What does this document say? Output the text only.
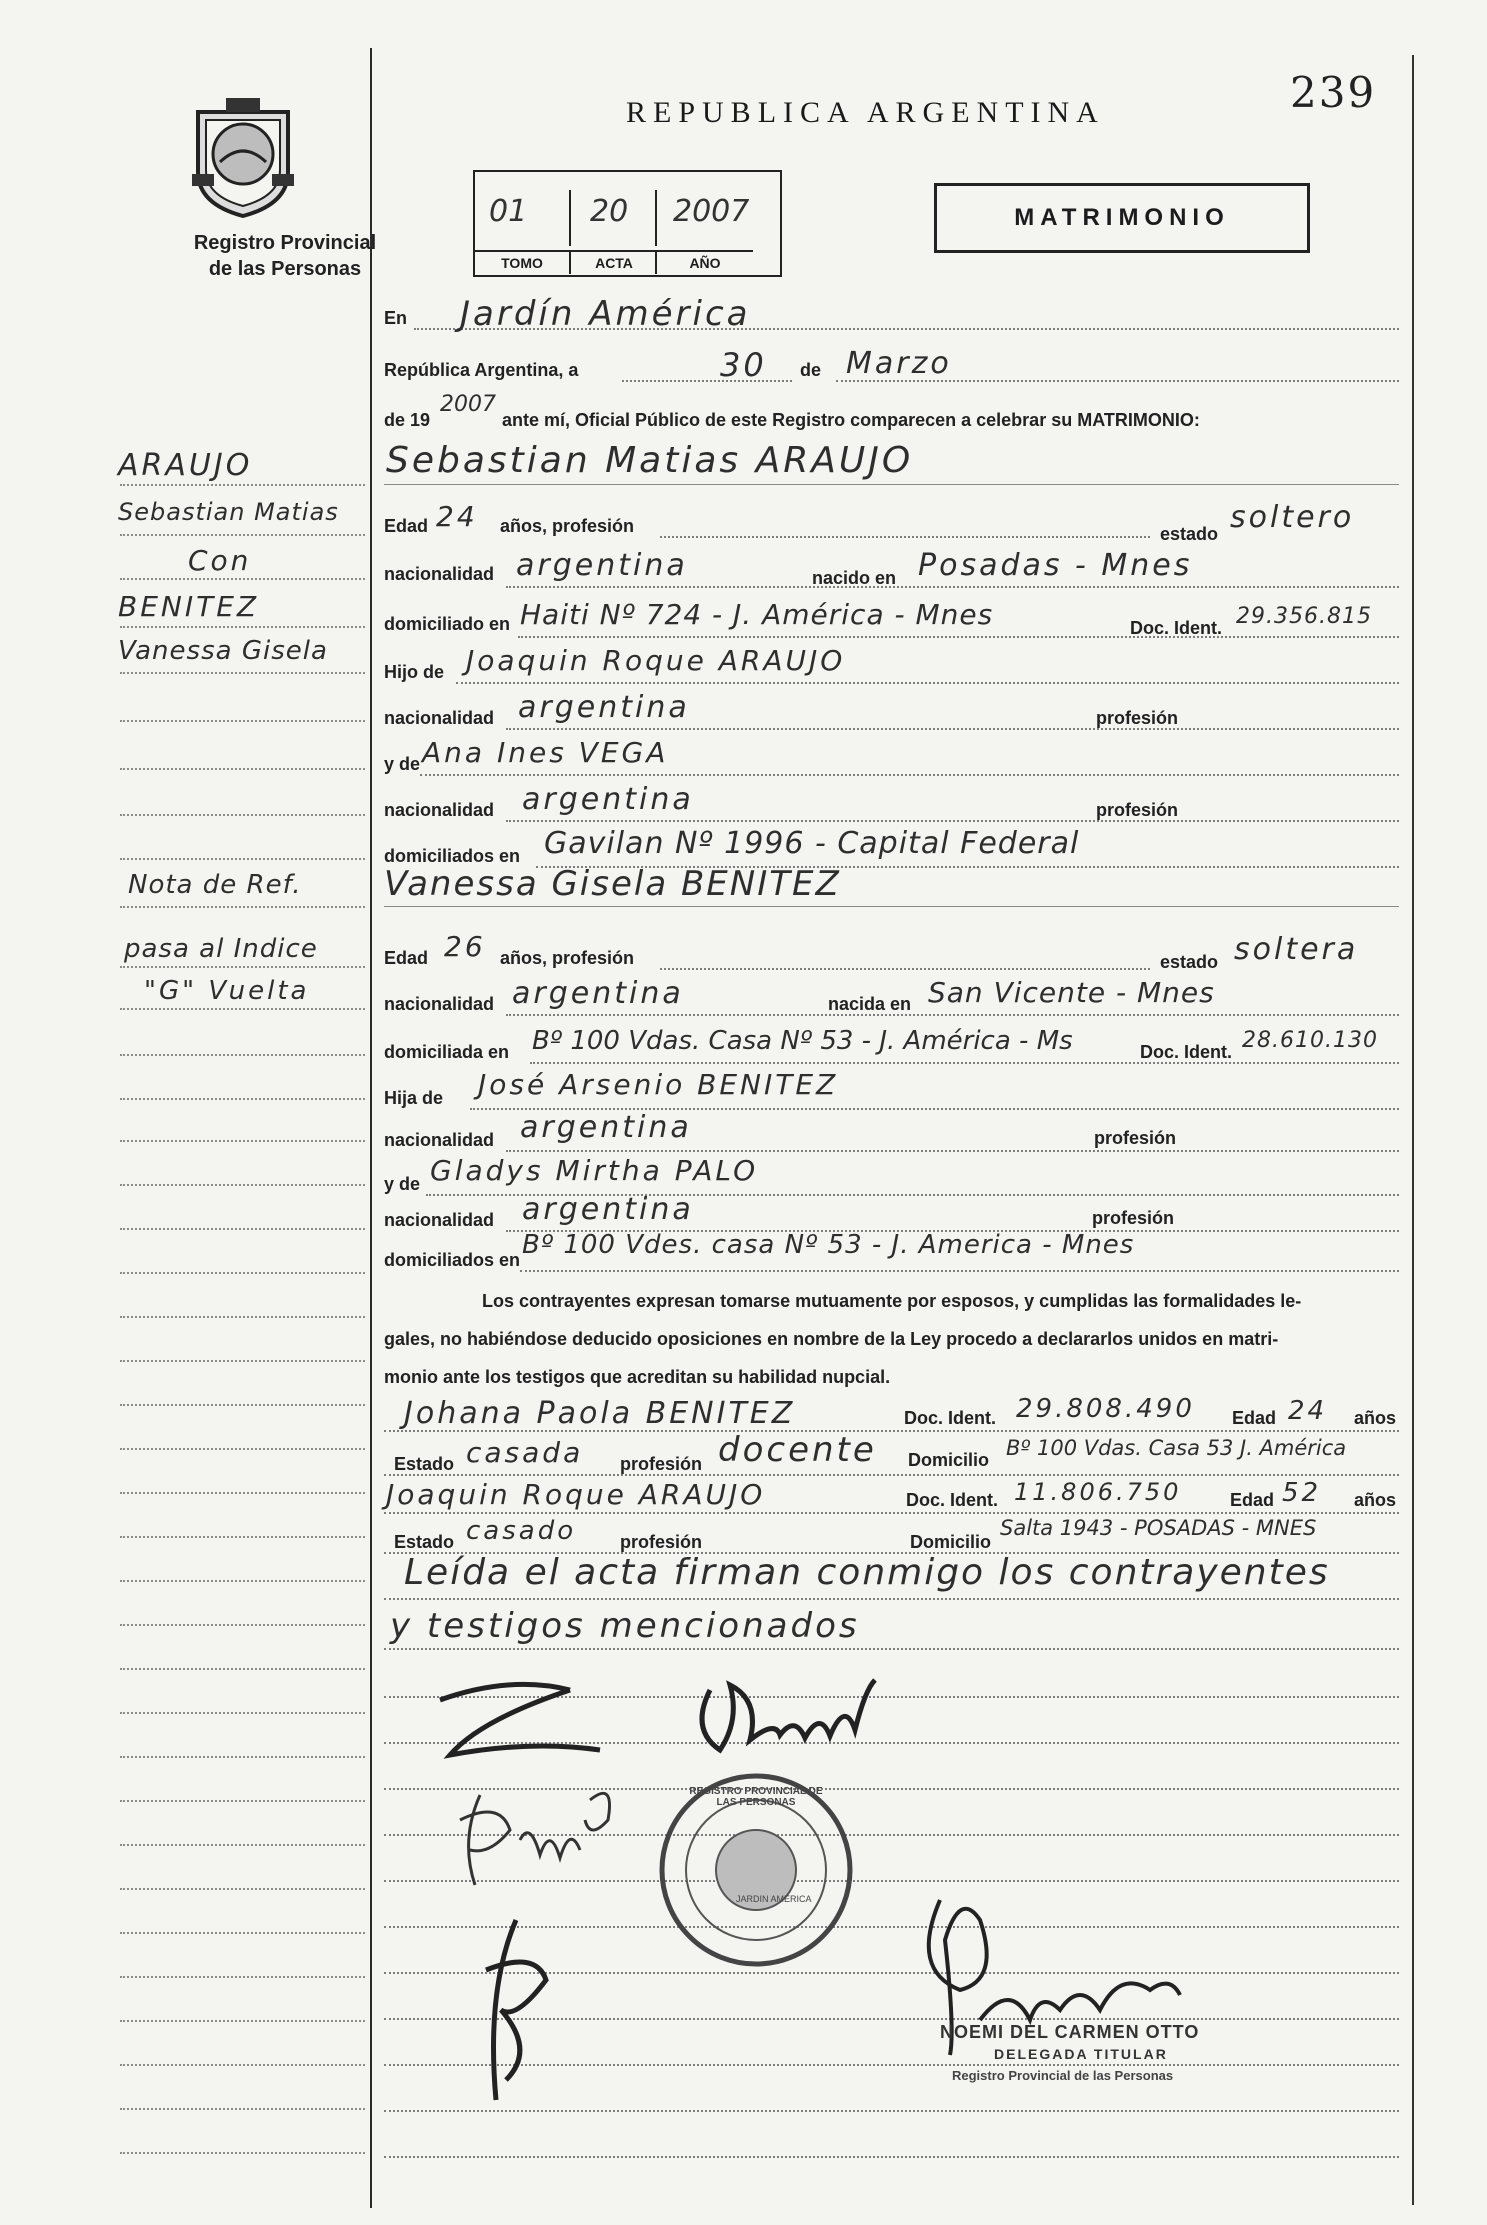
239
REPUBLICA ARGENTINA
Registro Provincial
de las Personas
01 20 2007
TOMO	ACTA	AÑO
MATRIMONIO
En Jardín América
República Argentina, a	30 de Marzo
de 19
2007
ante mí, Oficial Público de este Registro comparecen a celebrar su MATRIMONIO:
ARAUJO
Sebastian Matias
Con
BENITEZ
Vanessa Gisela
Nota de Ref.
pasa al Indice
"G" Vuelta
Sebastian Matias ARAUJO
Edad 24 años, profesión	estado soltero
nacionalidad argentina	nacido en Posadas - Mnes
domiciliado en Haiti Nº 724 - J. América - Mnes	Doc. Ident. 29.356.815
Hijo de Joaquin Roque ARAUJO
nacionalidad argentina	profesión
y de Ana Ines VEGA
nacionalidad argentina	profesión
domiciliados en Gavilan Nº 1996 - Capital Federal
Vanessa Gisela BENITEZ
Edad 26 años, profesión	estado soltera
nacionalidad argentina	nacida en San Vicente - Mnes
domiciliada en Bº 100 Vdas. Casa Nº 53 - J. América - Ms	Doc. Ident. 28.610.130
Hija de José Arsenio BENITEZ
nacionalidad argentina	profesión
y de Gladys Mirtha PALO
nacionalidad argentina	profesión
domiciliados en Bº 100 Vdes. casa Nº 53 - J. America - Mnes
Los contrayentes expresan tomarse mutuamente por esposos, y cumplidas las formalidades le-
gales, no habiéndose deducido oposiciones en nombre de la Ley procedo a declararlos unidos en matri-
monio ante los testigos que acreditan su habilidad nupcial.
Johana Paola BENITEZ	Doc. Ident. 29.808.490 Edad 24 años
Estado casada profesión docente Domicilio Bº 100 Vdas. Casa 53 J. América
Joaquin Roque ARAUJO	Doc. Ident. 11.806.750	Edad 52 años
Estado casado profesión	Domicilio
Salta 1943 - POSADAS - MNES
Leída el acta firman conmigo los contrayentes
y testigos mencionados
JARDIN AMERICA
REGISTRO PROVINCIAL DE LAS PERSONAS
NOEMI DEL CARMEN OTTO
DELEGADA TITULAR
Registro Provincial de las Personas
